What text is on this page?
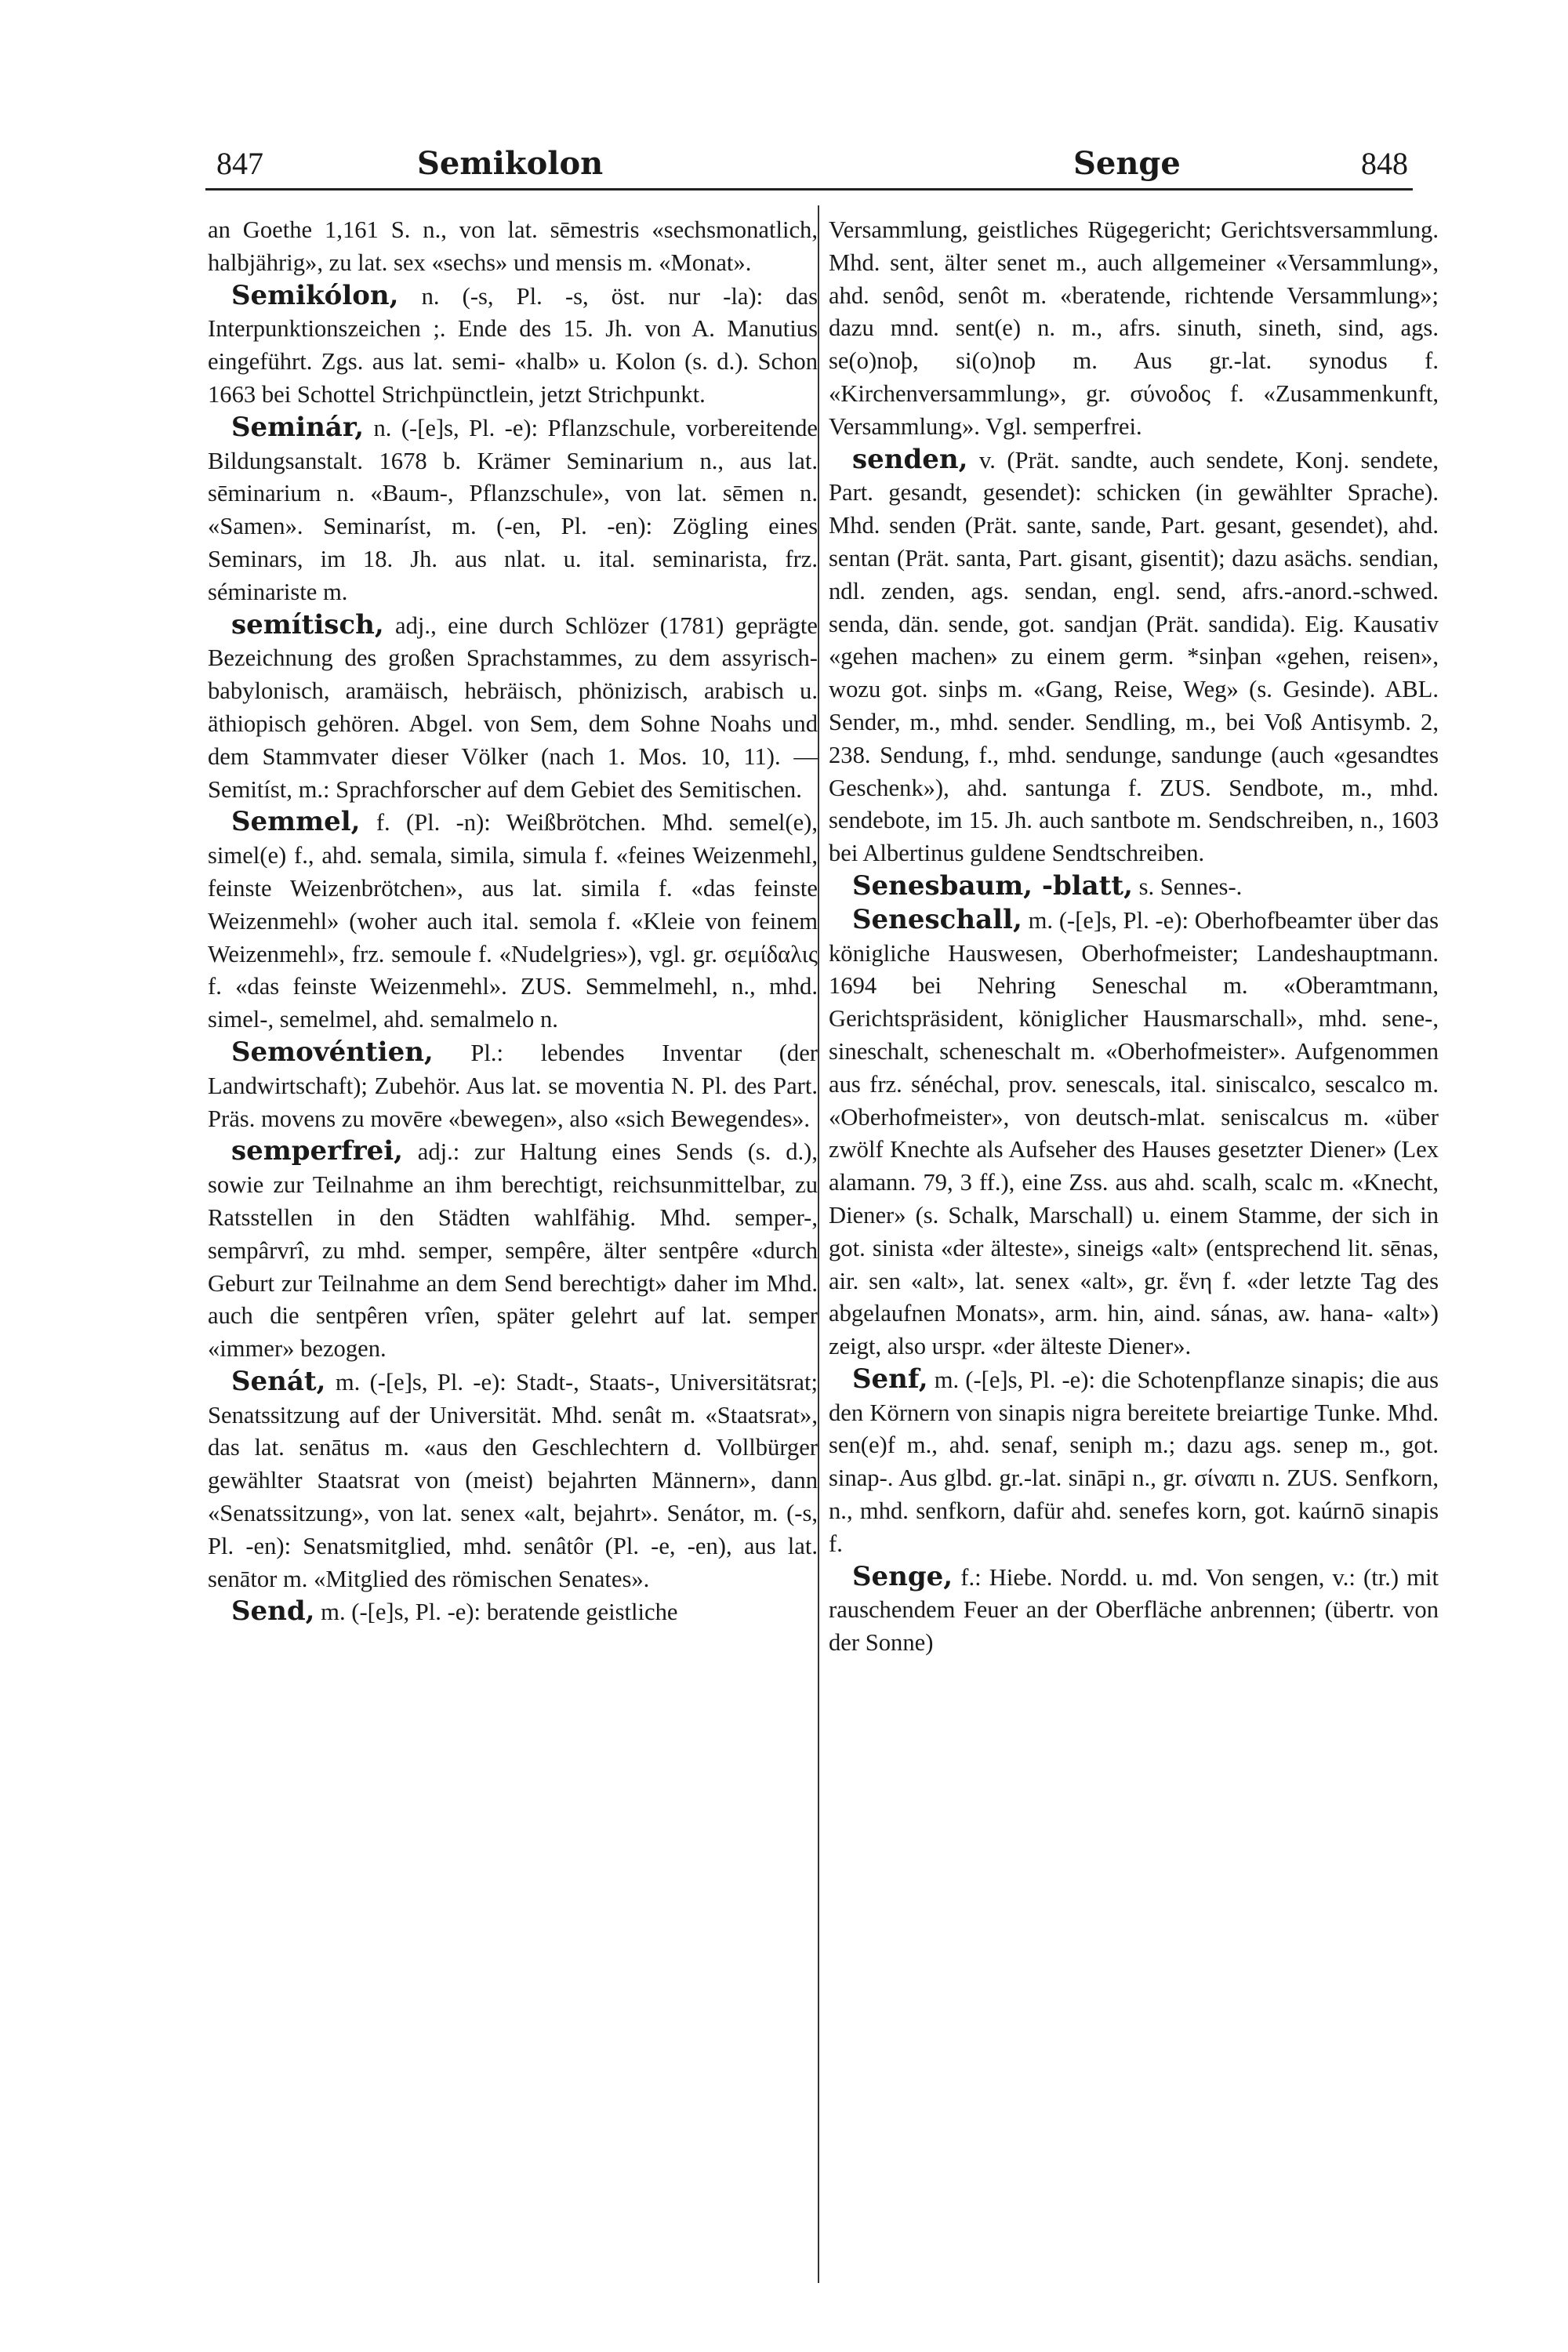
847	Semikolon	Senge	848

an Goethe 1,161 S. n., von lat. sēmestris «sechsmonatlich, halbjährig», zu lat. sex «sechs» und mensis m. «Monat».

Semikólon, n. (-s, Pl. -s, öst. nur -la): das Interpunktionszeichen ;. Ende des 15. Jh. von A. Manutius eingeführt. Zgs. aus lat. semi- «halb» u. Kolon (s. d.). Schon 1663 bei Schottel Strichpünctlein, jetzt Strichpunkt.

Seminár, n. (-[e]s, Pl. -e): Pflanzschule, vorbereitende Bildungsanstalt. 1678 b. Krämer Seminarium n., aus lat. sēminarium n. «Baum-, Pflanzschule», von lat. sēmen n. «Samen». Seminaríst, m. (-en, Pl. -en): Zögling eines Seminars, im 18. Jh. aus nlat. u. ital. seminarista, frz. séminariste m.

semítisch, adj., eine durch Schlözer (1781) geprägte Bezeichnung des großen Sprachstammes, zu dem assyrisch-babylonisch, aramäisch, hebräisch, phönizisch, arabisch u. äthiopisch gehören. Abgel. von Sem, dem Sohne Noahs und dem Stammvater dieser Völker (nach 1. Mos. 10, 11). — Semitíst, m.: Sprachforscher auf dem Gebiet des Semitischen.

Semmel, f. (Pl. -n): Weißbrötchen. Mhd. semel(e), simel(e) f., ahd. semala, simila, simula f. «feines Weizenmehl, feinste Weizenbrötchen», aus lat. simila f. «das feinste Weizenmehl» (woher auch ital. semola f. «Kleie von feinem Weizenmehl», frz. semoule f. «Nudelgries»), vgl. gr. σεμίδαλις f. «das feinste Weizenmehl». ZUS. Semmelmehl, n., mhd. simel-, semelmel, ahd. semalmelo n.

Semovéntien, Pl.: lebendes Inventar (der Landwirtschaft); Zubehör. Aus lat. se moventia N. Pl. des Part. Präs. movens zu movēre «bewegen», also «sich Bewegendes».

semperfrei, adj.: zur Haltung eines Sends (s. d.), sowie zur Teilnahme an ihm berechtigt, reichsunmittelbar, zu Ratsstellen in den Städten wahlfähig. Mhd. semper-, sempârvrî, zu mhd. semper, sempêre, älter sentpêre «durch Geburt zur Teilnahme an dem Send berechtigt» daher im Mhd. auch die sentpêren vrîen, später gelehrt auf lat. semper «immer» bezogen.

Senát, m. (-[e]s, Pl. -e): Stadt-, Staats-, Universitätsrat; Senatssitzung auf der Universität. Mhd. senât m. «Staatsrat», das lat. senātus m. «aus den Geschlechtern d. Vollbürger gewählter Staatsrat von (meist) bejahrten Männern», dann «Senatssitzung», von lat. senex «alt, bejahrt». Senátor, m. (-s, Pl. -en): Senatsmitglied, mhd. senâtôr (Pl. -e, -en), aus lat. senātor m. «Mitglied des römischen Senates».

Send, m. (-[e]s, Pl. -e): beratende geistliche

Versammlung, geistliches Rügegericht; Gerichtsversammlung. Mhd. sent, älter senet m., auch allgemeiner «Versammlung», ahd. senôd, senôt m. «beratende, richtende Versammlung»; dazu mnd. sent(e) n. m., afrs. sinuth, sineth, sind, ags. se(o)noþ, si(o)noþ m. Aus gr.-lat. synodus f. «Kirchenversammlung», gr. σύνοδος f. «Zusammenkunft, Versammlung». Vgl. semperfrei.

senden, v. (Prät. sandte, auch sendete, Konj. sendete, Part. gesandt, gesendet): schicken (in gewählter Sprache). Mhd. senden (Prät. sante, sande, Part. gesant, gesendet), ahd. sentan (Prät. santa, Part. gisant, gisentit); dazu asächs. sendian, ndl. zenden, ags. sendan, engl. send, afrs.-anord.-schwed. senda, dän. sende, got. sandjan (Prät. sandida). Eig. Kausativ «gehen machen» zu einem germ. *sinþan «gehen, reisen», wozu got. sinþs m. «Gang, Reise, Weg» (s. Gesinde). ABL. Sender, m., mhd. sender. Sendling, m., bei Voß Antisymb. 2, 238. Sendung, f., mhd. sendunge, sandunge (auch «gesandtes Geschenk»), ahd. santunga f. ZUS. Sendbote, m., mhd. sendebote, im 15. Jh. auch santbote m. Sendschreiben, n., 1603 bei Albertinus guldene Sendtschreiben.

Senesbaum, -blatt, s. Sennes-.

Seneschall, m. (-[e]s, Pl. -e): Oberhofbeamter über das königliche Hauswesen, Oberhofmeister; Landeshauptmann. 1694 bei Nehring Seneschal m. «Oberamtmann, Gerichtspräsident, königlicher Hausmarschall», mhd. sene-, sineschalt, scheneschalt m. «Oberhofmeister». Aufgenommen aus frz. sénéchal, prov. senescals, ital. siniscalco, sescalco m. «Oberhofmeister», von deutsch-mlat. seniscalcus m. «über zwölf Knechte als Aufseher des Hauses gesetzter Diener» (Lex alamann. 79, 3 ff.), eine Zss. aus ahd. scalh, scalc m. «Knecht, Diener» (s. Schalk, Marschall) u. einem Stamme, der sich in got. sinista «der älteste», sineigs «alt» (entsprechend lit. sēnas, air. sen «alt», lat. senex «alt», gr. ἕνη f. «der letzte Tag des abgelaufnen Monats», arm. hin, aind. sánas, aw. hana- «alt») zeigt, also urspr. «der älteste Diener».

Senf, m. (-[e]s, Pl. -e): die Schotenpflanze sinapis; die aus den Körnern von sinapis nigra bereitete breiartige Tunke. Mhd. sen(e)f m., ahd. senaf, seniph m.; dazu ags. senep m., got. sinap-. Aus glbd. gr.-lat. sināpi n., gr. σίναπι n. ZUS. Senfkorn, n., mhd. senfkorn, dafür ahd. senefes korn, got. kaúrnō sinapis f.

Senge, f.: Hiebe. Nordd. u. md. Von sengen, v.: (tr.) mit rauschendem Feuer an der Oberfläche anbrennen; (übertr. von der Sonne)
